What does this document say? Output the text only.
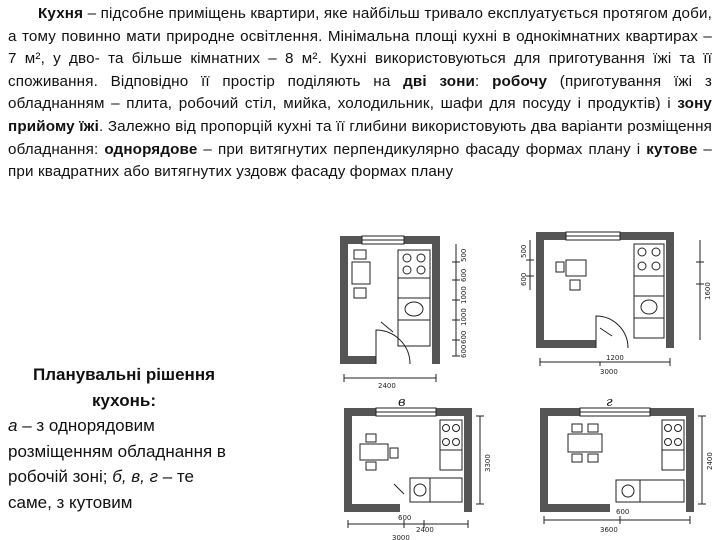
Кухня – підсобне приміщень квартири, яке найбільш тривало експлуатується протягом доби, а тому повинно мати природне освітлення. Мінімальна площі кухні в однокімнатних квартирах – 7 м², у дво- та більше кімнатних – 8 м². Кухні використовуються для приготування їжі та її споживання. Відповідно її простір поділяють на дві зони: робочу (приготування їжі з обладнанням – плита, робочий стіл, мийка, холодильник, шафи для посуду і продуктів) і зону прийому їжі. Залежно від пропорцій кухні та її глибини використовують два варіанти розміщення обладнання: однорядове – при витягнутих перпендикулярно фасаду формах плану і кутове – при квадратних або витягнутих уздовж фасаду формах плану
Планувальні рішення кухонь:
а – з однорядовим розміщенням обладнання в робочій зоні; б, в, г – те саме, з кутовим
в	г
2400
500
600
1000
1000
600
600	1200
3000
500
600
1600
600
2400
3000
3300
600
3600
2400
